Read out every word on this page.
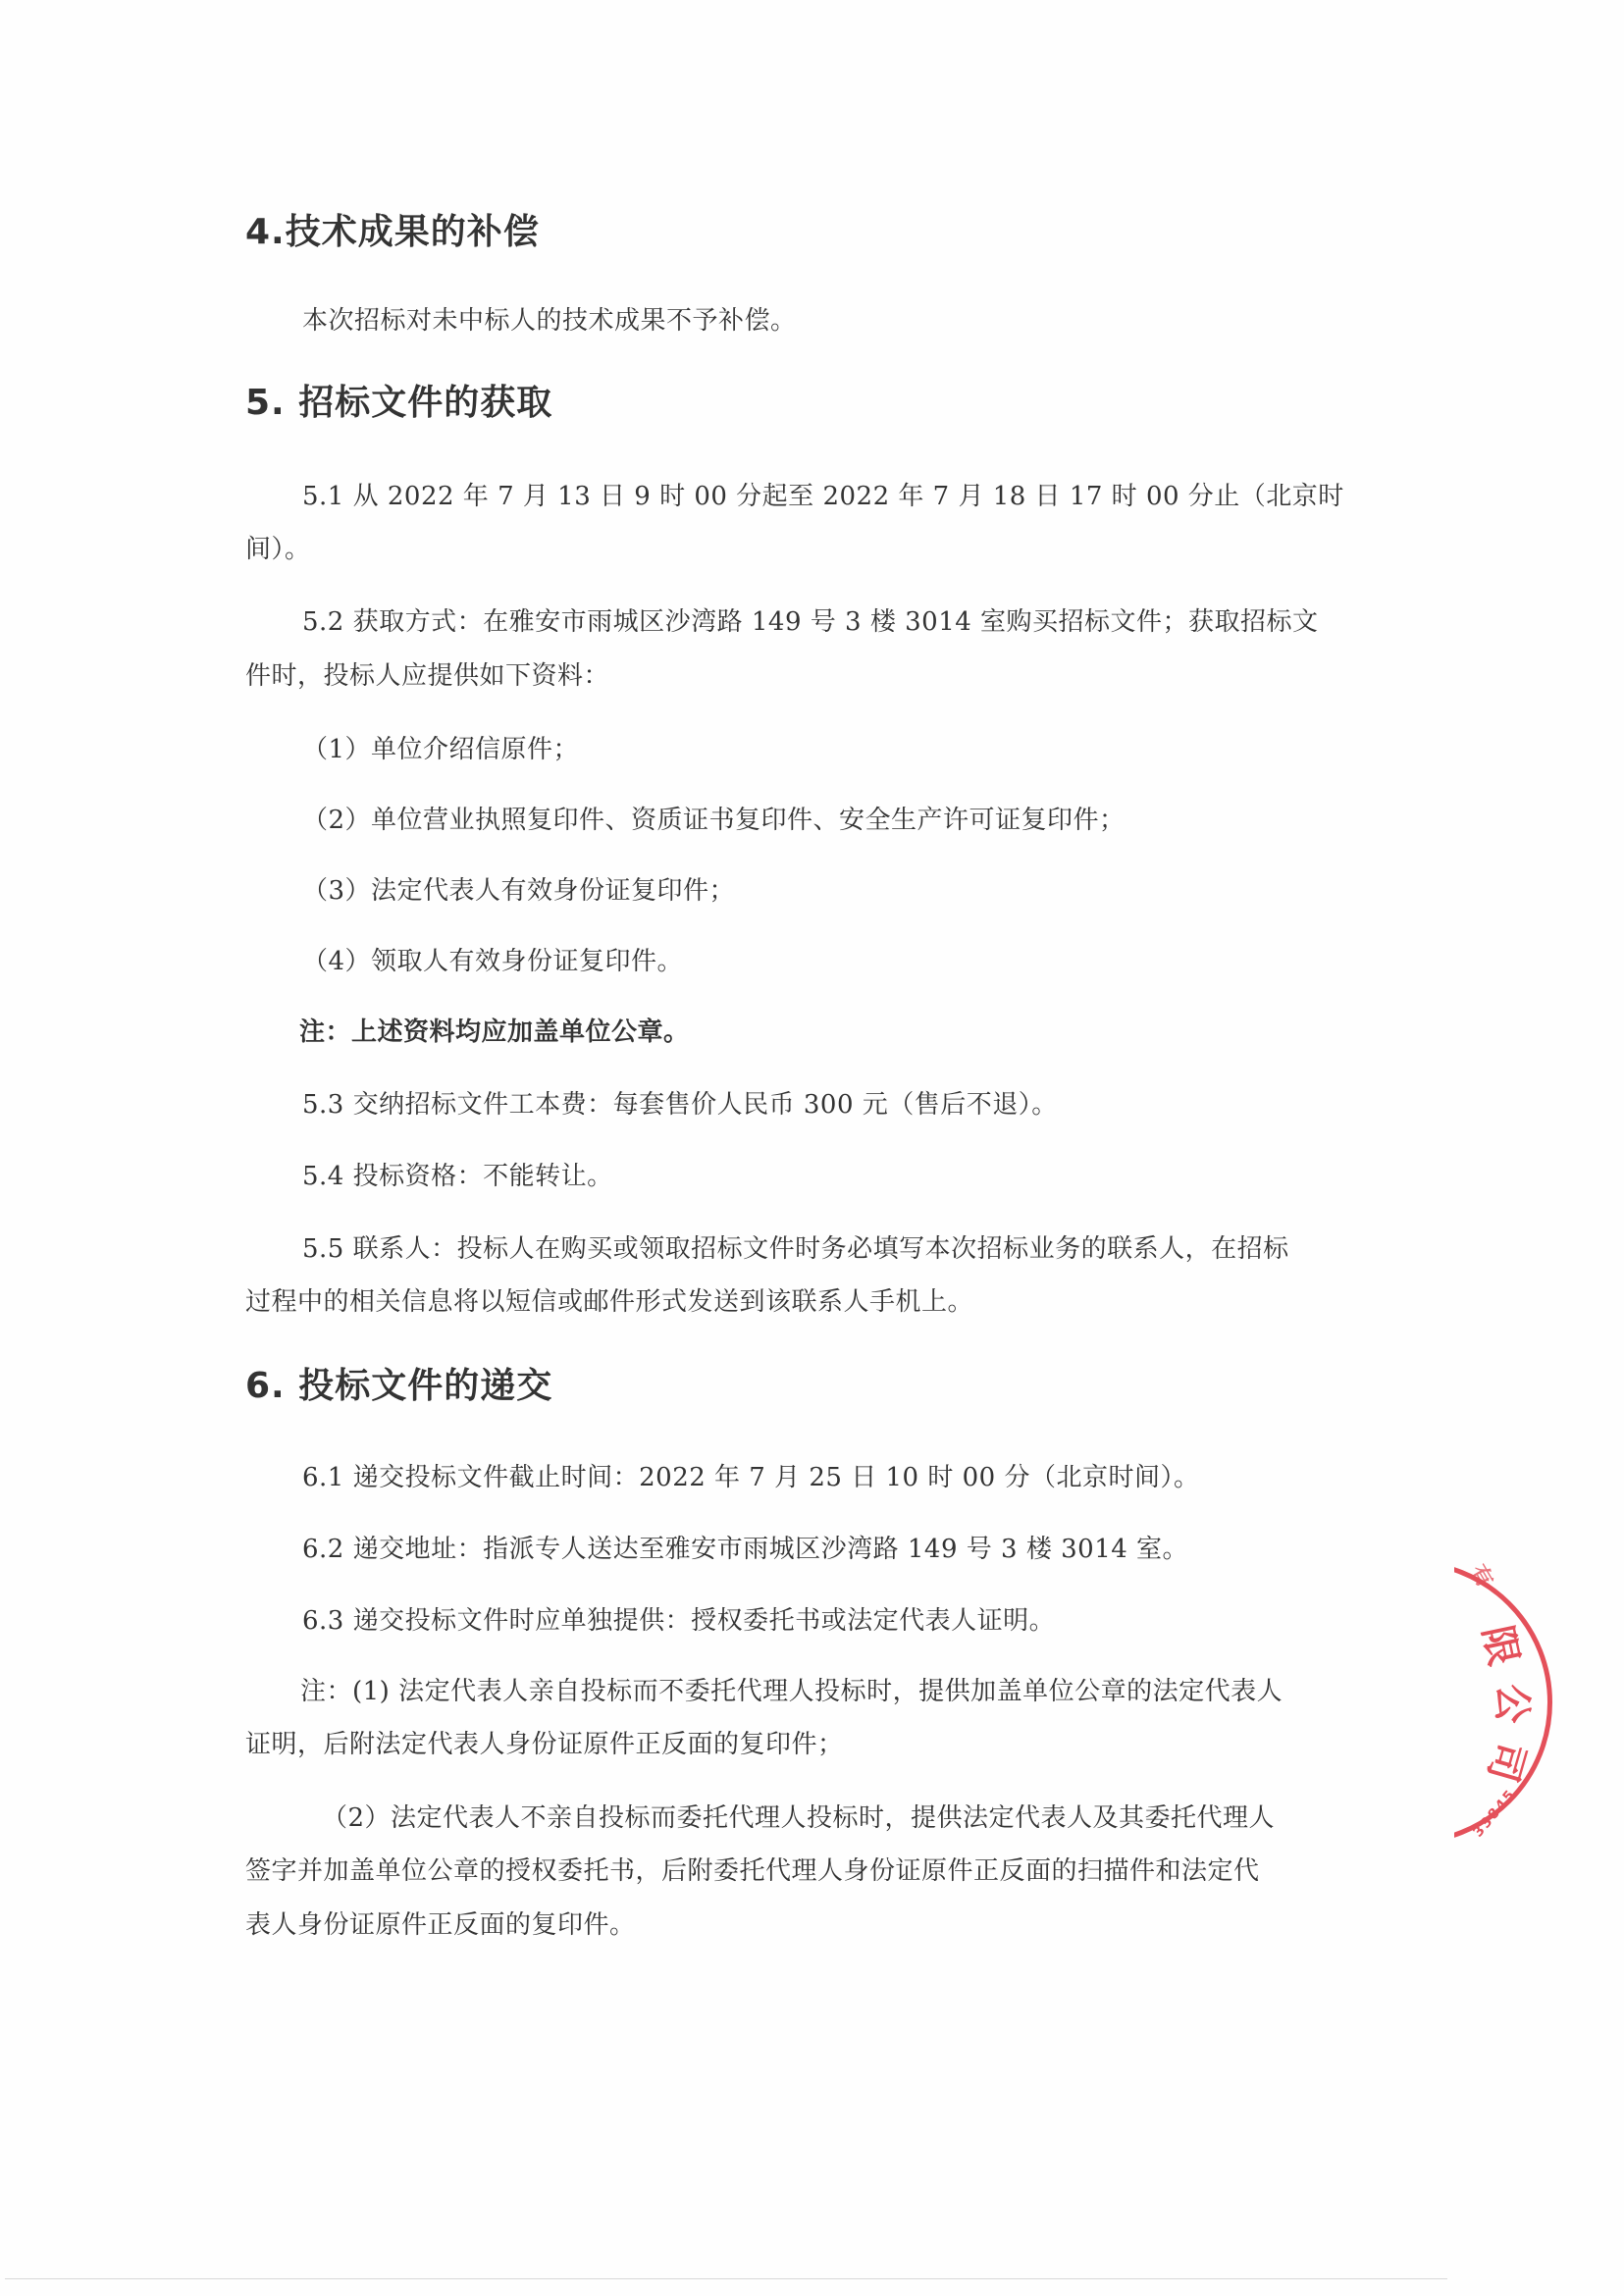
4.技术成果的补偿
本次招标对未中标人的技术成果不予补偿。
5. 招标文件的获取
5.1 从 2022 年 7 月 13 日 9 时 00 分起至 2022 年 7 月 18 日 17 时 00 分止（北京时
间）。
5.2 获取方式：在雅安市雨城区沙湾路 149 号 3 楼 3014 室购买招标文件；获取招标文
件时，投标人应提供如下资料：
（1）单位介绍信原件；
（2）单位营业执照复印件、资质证书复印件、安全生产许可证复印件；
（3）法定代表人有效身份证复印件；
（4）领取人有效身份证复印件。
注：上述资料均应加盖单位公章。
5.3 交纳招标文件工本费：每套售价人民币 300 元（售后不退）。
5.4 投标资格：不能转让。
5.5 联系人：投标人在购买或领取招标文件时务必填写本次招标业务的联系人，在招标
过程中的相关信息将以短信或邮件形式发送到该联系人手机上。
6. 投标文件的递交
6.1 递交投标文件截止时间：2022 年 7 月 25 日 10 时 00 分（北京时间）。
6.2 递交地址：指派专人送达至雅安市雨城区沙湾路 149 号 3 楼 3014 室。
6.3 递交投标文件时应单独提供：授权委托书或法定代表人证明。
注：(1) 法定代表人亲自投标而不委托代理人投标时，提供加盖单位公章的法定代表人
证明，后附法定代表人身份证原件正反面的复印件；
（2）法定代表人不亲自投标而委托代理人投标时，提供法定代表人及其委托代理人
签字并加盖单位公章的授权委托书，后附委托代理人身份证原件正反面的扫描件和法定代
表人身份证原件正反面的复印件。
有
限
公
司
33845
